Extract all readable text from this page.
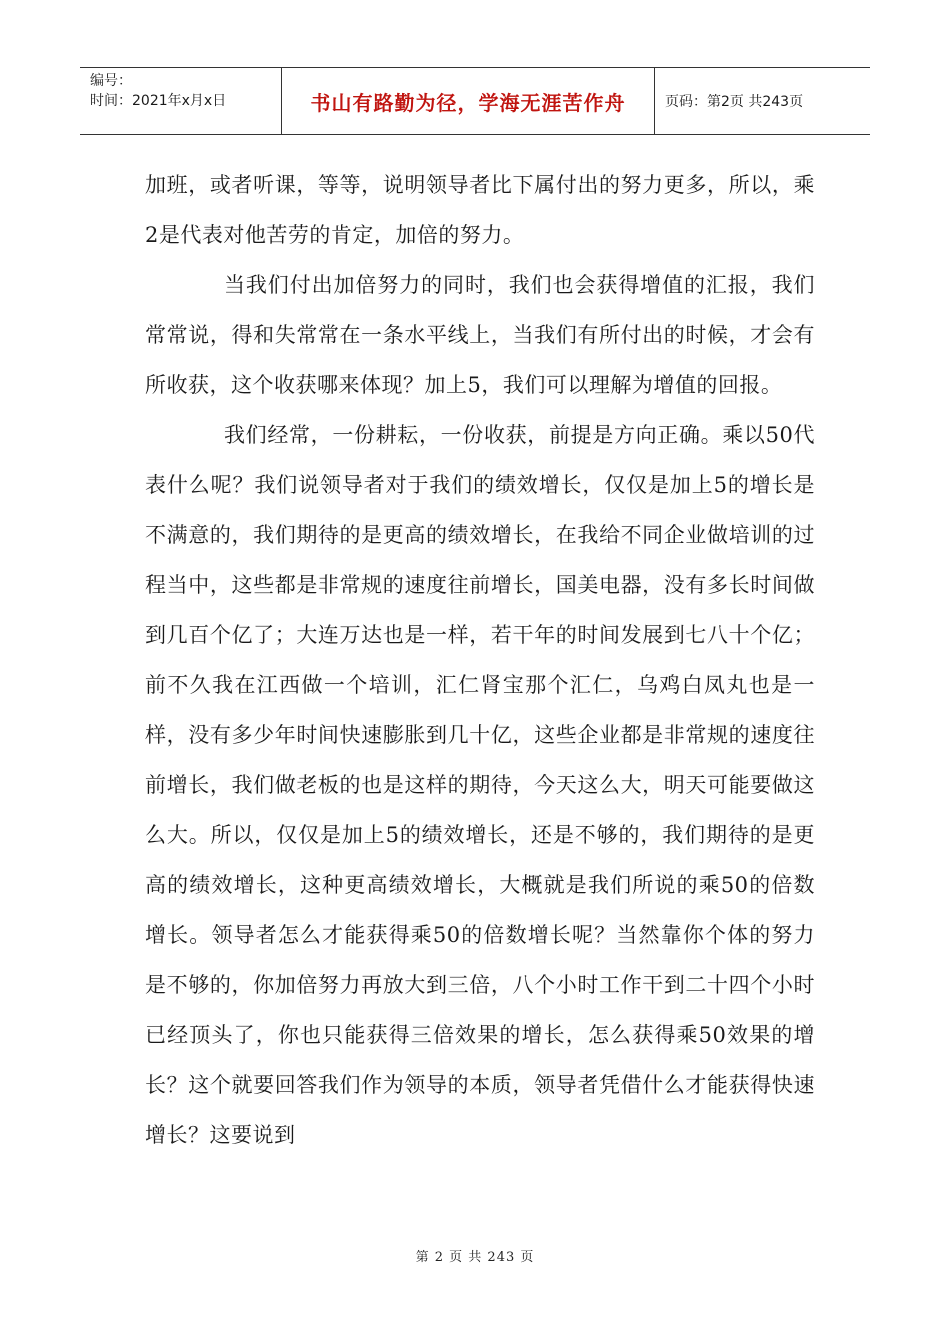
编号：
时间：2021年x月x日	书山有路勤为径，学海无涯苦作舟	页码：第2页 共243页

加班，或者听课，等等，说明领导者比下属付出的努力更多，所以，乘2是代表对他苦劳的肯定，加倍的努力。

当我们付出加倍努力的同时，我们也会获得增值的汇报，我们常常说，得和失常常在一条水平线上，当我们有所付出的时候，才会有所收获，这个收获哪来体现？加上5，我们可以理解为增值的回报。

我们经常，一份耕耘，一份收获，前提是方向正确。乘以50代表什么呢？我们说领导者对于我们的绩效增长，仅仅是加上5的增长是不满意的，我们期待的是更高的绩效增长，在我给不同企业做培训的过程当中，这些都是非常规的速度往前增长，国美电器，没有多长时间做到几百个亿了；大连万达也是一样，若干年的时间发展到七八十个亿；前不久我在江西做一个培训，汇仁肾宝那个汇仁，乌鸡白凤丸也是一样，没有多少年时间快速膨胀到几十亿，这些企业都是非常规的速度往前增长，我们做老板的也是这样的期待，今天这么大，明天可能要做这么大。所以，仅仅是加上5的绩效增长，还是不够的，我们期待的是更高的绩效增长，这种更高绩效增长，大概就是我们所说的乘50的倍数增长。领导者怎么才能获得乘50的倍数增长呢？当然靠你个体的努力是不够的，你加倍努力再放大到三倍，八个小时工作干到二十四个小时已经顶头了，你也只能获得三倍效果的增长，怎么获得乘50效果的增长？这个就要回答我们作为领导的本质，领导者凭借什么才能获得快速增长？这要说到

第 2 页 共 243 页
